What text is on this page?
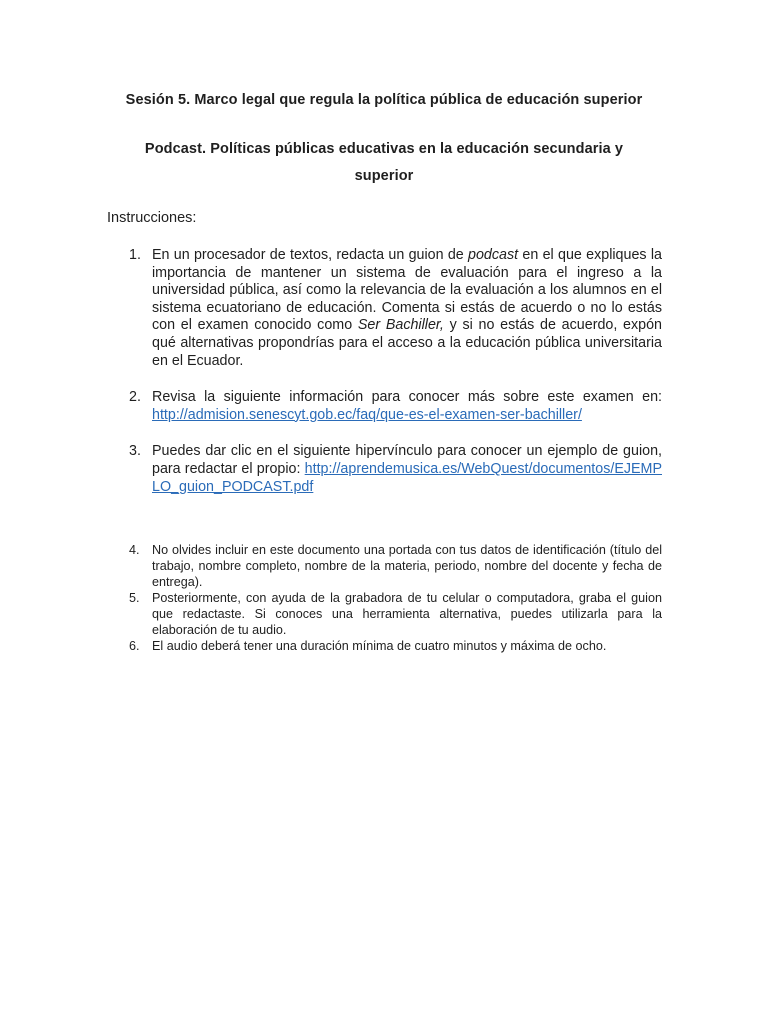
Sesión 5. Marco legal que regula la política pública de educación superior

Podcast. Políticas públicas educativas en la educación secundaria y superior

Instrucciones:

1. En un procesador de textos, redacta un guion de podcast en el que expliques la importancia de mantener un sistema de evaluación para el ingreso a la universidad pública, así como la relevancia de la evaluación a los alumnos en el sistema ecuatoriano de educación. Comenta si estás de acuerdo o no lo estás con el examen conocido como Ser Bachiller, y si no estás de acuerdo, expón qué alternativas propondrías para el acceso a la educación pública universitaria en el Ecuador.
2. Revisa la siguiente información para conocer más sobre este examen en: http://admision.senescyt.gob.ec/faq/que-es-el-examen-ser-bachiller/
3. Puedes dar clic en el siguiente hipervínculo para conocer un ejemplo de guion, para redactar el propio: http://aprendemusica.es/WebQuest/documentos/EJEMPLO_guion_PODCAST.pdf
4. No olvides incluir en este documento una portada con tus datos de identificación (título del trabajo, nombre completo, nombre de la materia, periodo, nombre del docente y fecha de entrega).
5. Posteriormente, con ayuda de la grabadora de tu celular o computadora, graba el guion que redactaste. Si conoces una herramienta alternativa, puedes utilizarla para la elaboración de tu audio.
6. El audio deberá tener una duración mínima de cuatro minutos y máxima de ocho.
